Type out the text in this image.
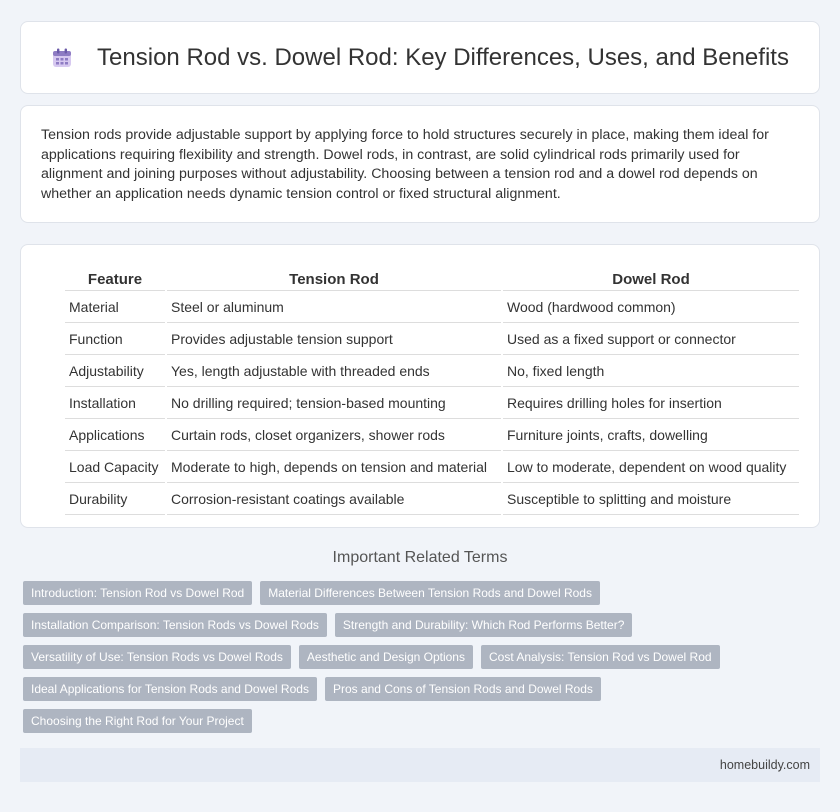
Tension Rod vs. Dowel Rod: Key Differences, Uses, and Benefits

Tension rods provide adjustable support by applying force to hold structures securely in place, making them ideal for applications requiring flexibility and strength. Dowel rods, in contrast, are solid cylindrical rods primarily used for alignment and joining purposes without adjustability. Choosing between a tension rod and a dowel rod depends on whether an application needs dynamic tension control or fixed structural alignment.

Feature	Tension Rod	Dowel Rod
Material	Steel or aluminum	Wood (hardwood common)
Function	Provides adjustable tension support	Used as a fixed support or connector
Adjustability	Yes, length adjustable with threaded ends	No, fixed length
Installation	No drilling required; tension-based mounting	Requires drilling holes for insertion
Applications	Curtain rods, closet organizers, shower rods	Furniture joints, crafts, dowelling
Load Capacity	Moderate to high, depends on tension and material	Low to moderate, dependent on wood quality
Durability	Corrosion-resistant coatings available	Susceptible to splitting and moisture
Important Related Terms
Introduction: Tension Rod vs Dowel Rod	Material Differences Between Tension Rods and Dowel Rods
Installation Comparison: Tension Rods vs Dowel Rods	Strength and Durability: Which Rod Performs Better?
Versatility of Use: Tension Rods vs Dowel Rods	Aesthetic and Design Options	Cost Analysis: Tension Rod vs Dowel Rod
Ideal Applications for Tension Rods and Dowel Rods	Pros and Cons of Tension Rods and Dowel Rods
Choosing the Right Rod for Your Project
homebuildy.com
